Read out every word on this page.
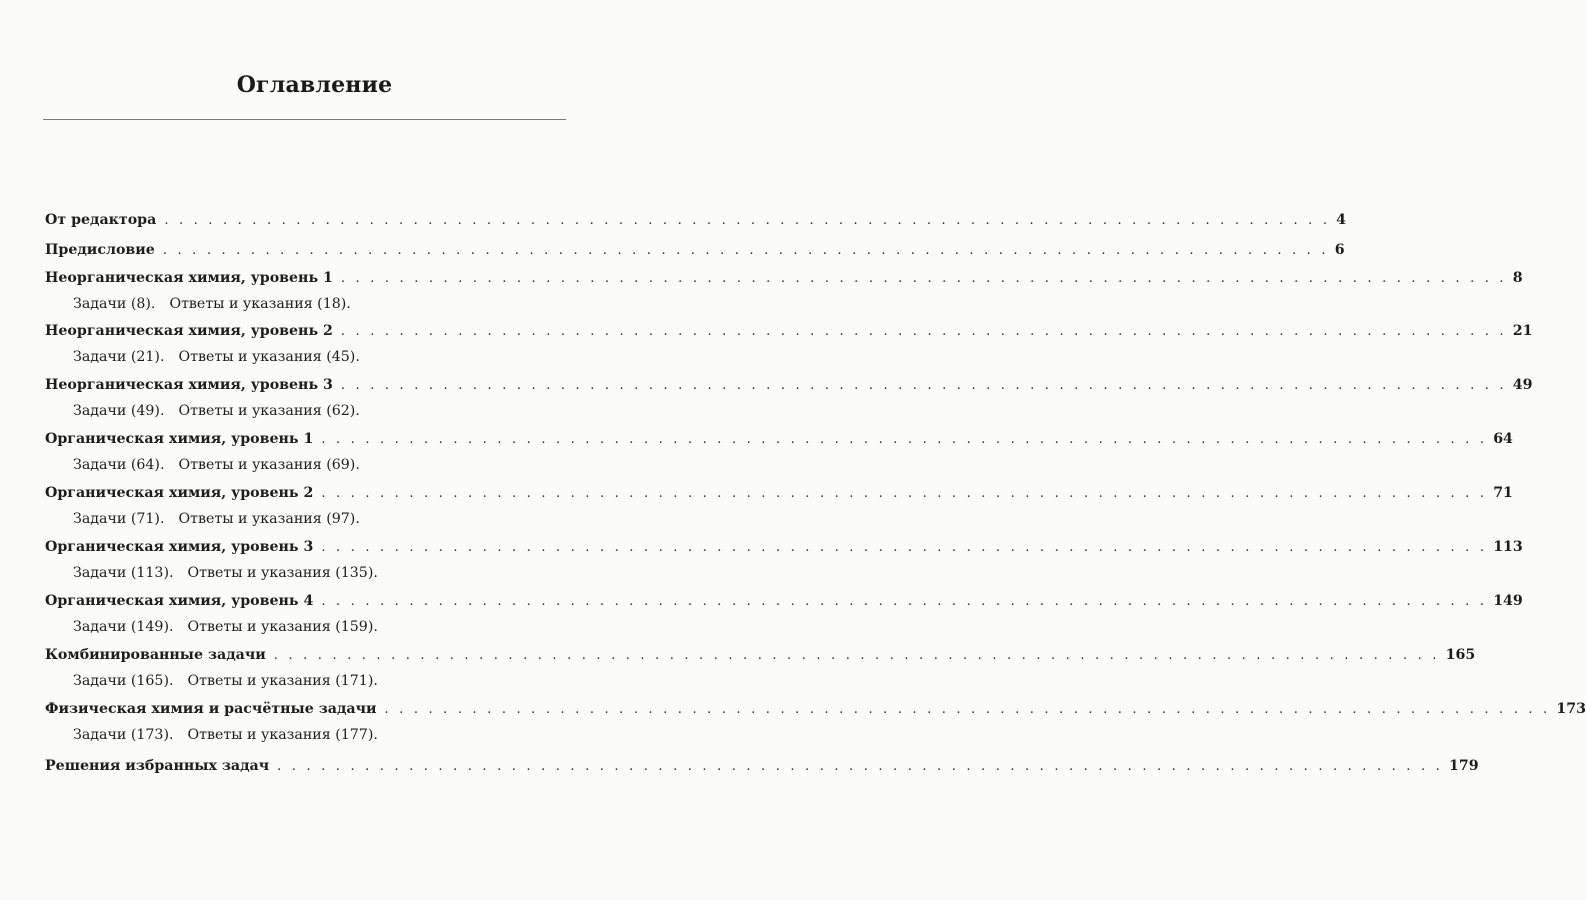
Оглавление
От редактора . . . . . . . . . . . . . . . . . . . . . . . . . . . . . . . . . . . . . . . . . . . . . . . . . . . . . . . . . . . . . . . . . . . . . . . . . . . . . . . . 4
Предисловие . . . . . . . . . . . . . . . . . . . . . . . . . . . . . . . . . . . . . . . . . . . . . . . . . . . . . . . . . . . . . . . . . . . . . . . . . . . . . . . . 6
Неорганическая химия, уровень 1 . . . . . . . . . . . . . . . . . . . . . . . . . . . . . . . . . . . . . . . . . . . . . . . . . . . . . . . . . . . . . . . . . . . . . . . . . . . . . . . . 8
Задачи (8). Ответы и указания (18).
Неорганическая химия, уровень 2 . . . . . . . . . . . . . . . . . . . . . . . . . . . . . . . . . . . . . . . . . . . . . . . . . . . . . . . . . . . . . . . . . . . . . . . . . . . . . . . . 21
Задачи (21). Ответы и указания (45).
Неорганическая химия, уровень 3 . . . . . . . . . . . . . . . . . . . . . . . . . . . . . . . . . . . . . . . . . . . . . . . . . . . . . . . . . . . . . . . . . . . . . . . . . . . . . . . . 49
Задачи (49). Ответы и указания (62).
Органическая химия, уровень 1 . . . . . . . . . . . . . . . . . . . . . . . . . . . . . . . . . . . . . . . . . . . . . . . . . . . . . . . . . . . . . . . . . . . . . . . . . . . . . . . . 64
Задачи (64). Ответы и указания (69).
Органическая химия, уровень 2 . . . . . . . . . . . . . . . . . . . . . . . . . . . . . . . . . . . . . . . . . . . . . . . . . . . . . . . . . . . . . . . . . . . . . . . . . . . . . . . . 71
Задачи (71). Ответы и указания (97).
Органическая химия, уровень 3 . . . . . . . . . . . . . . . . . . . . . . . . . . . . . . . . . . . . . . . . . . . . . . . . . . . . . . . . . . . . . . . . . . . . . . . . . . . . . . . . 113
Задачи (113). Ответы и указания (135).
Органическая химия, уровень 4 . . . . . . . . . . . . . . . . . . . . . . . . . . . . . . . . . . . . . . . . . . . . . . . . . . . . . . . . . . . . . . . . . . . . . . . . . . . . . . . . 149
Задачи (149). Ответы и указания (159).
Комбинированные задачи . . . . . . . . . . . . . . . . . . . . . . . . . . . . . . . . . . . . . . . . . . . . . . . . . . . . . . . . . . . . . . . . . . . . . . . . . . . . . . . . 165
Задачи (165). Ответы и указания (171).
Физическая химия и расчётные задачи . . . . . . . . . . . . . . . . . . . . . . . . . . . . . . . . . . . . . . . . . . . . . . . . . . . . . . . . . . . . . . . . . . . . . . . . . . . . . . . . 173
Задачи (173). Ответы и указания (177).
Решения избранных задач . . . . . . . . . . . . . . . . . . . . . . . . . . . . . . . . . . . . . . . . . . . . . . . . . . . . . . . . . . . . . . . . . . . . . . . . . . . . . . . . 179
